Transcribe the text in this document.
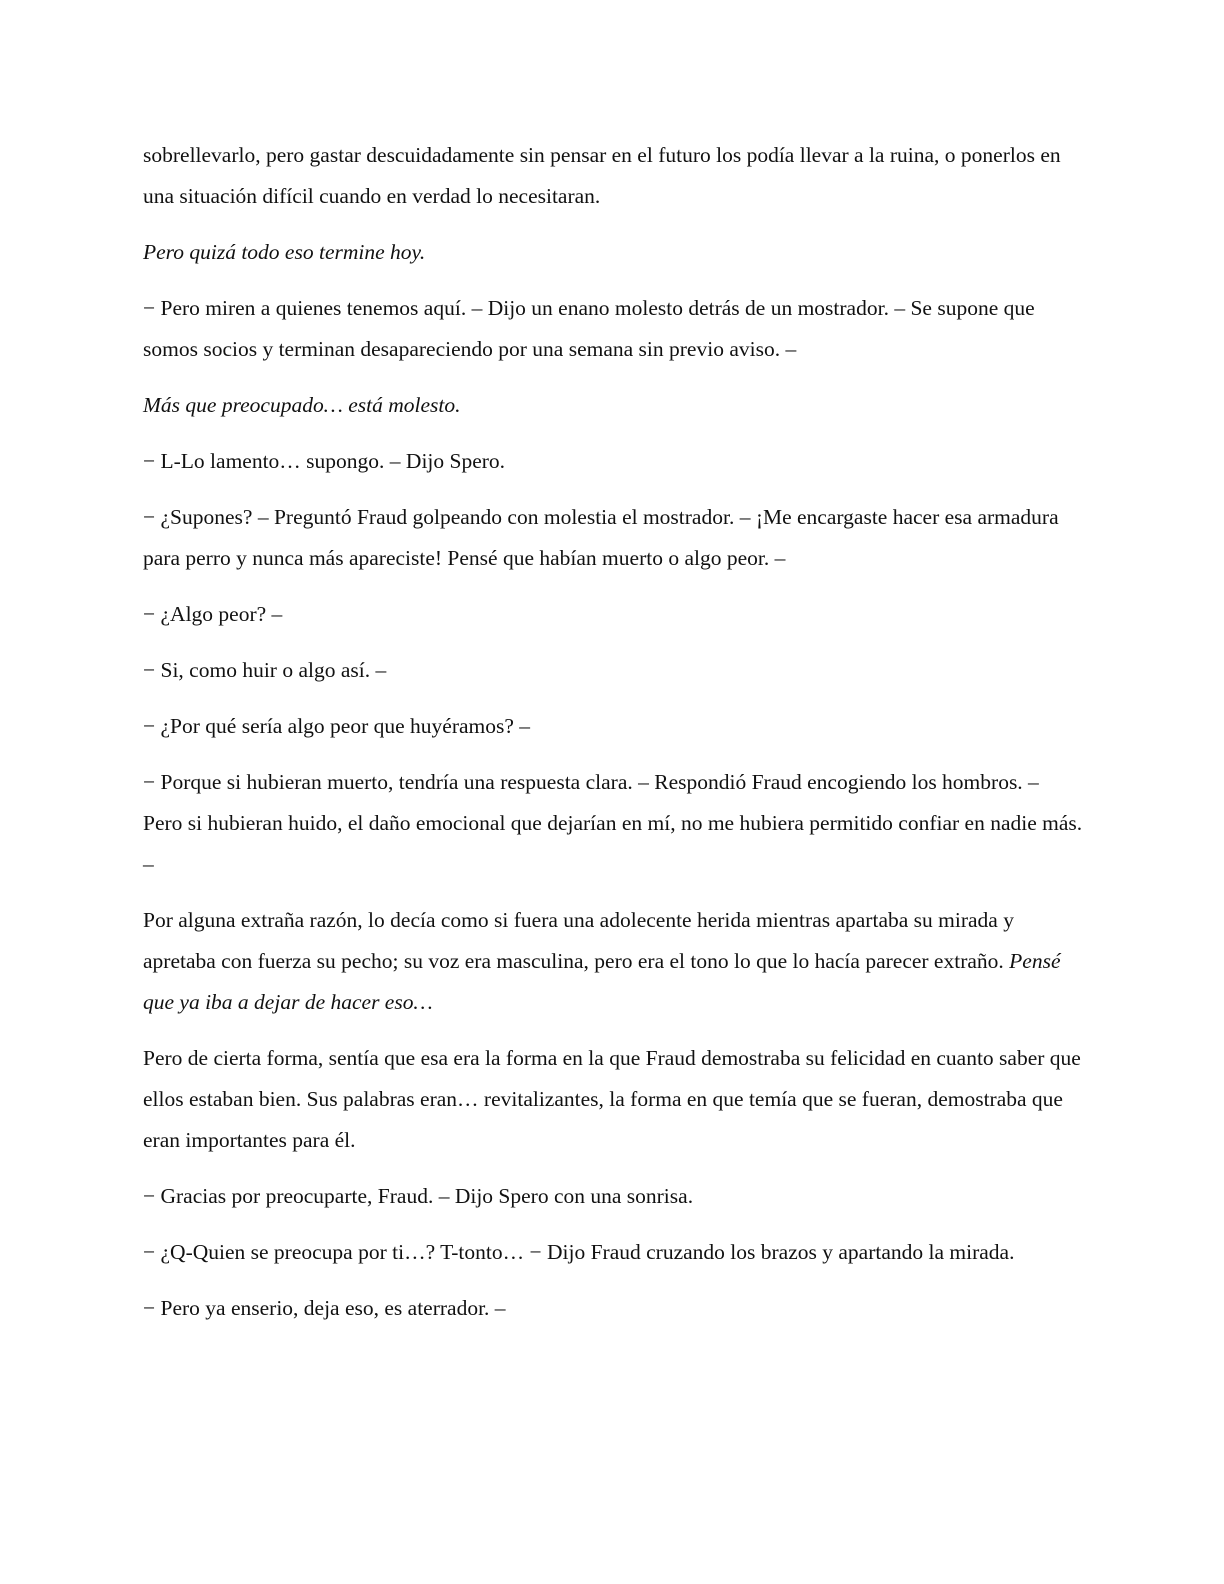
sobrellevarlo, pero gastar descuidadamente sin pensar en el futuro los podía llevar a la ruina, o ponerlos en una situación difícil cuando en verdad lo necesitaran.

Pero quizá todo eso termine hoy.

− Pero miren a quienes tenemos aquí. – Dijo un enano molesto detrás de un mostrador. – Se supone que somos socios y terminan desapareciendo por una semana sin previo aviso. –

Más que preocupado… está molesto.

− L-Lo lamento… supongo. – Dijo Spero.

− ¿Supones? – Preguntó Fraud golpeando con molestia el mostrador. – ¡Me encargaste hacer esa armadura para perro y nunca más apareciste! Pensé que habían muerto o algo peor. –

− ¿Algo peor? –

− Si, como huir o algo así. –

− ¿Por qué sería algo peor que huyéramos? –

− Porque si hubieran muerto, tendría una respuesta clara. – Respondió Fraud encogiendo los hombros. – Pero si hubieran huido, el daño emocional que dejarían en mí, no me hubiera permitido confiar en nadie más. –

Por alguna extraña razón, lo decía como si fuera una adolecente herida mientras apartaba su mirada y apretaba con fuerza su pecho; su voz era masculina, pero era el tono lo que lo hacía parecer extraño. Pensé que ya iba a dejar de hacer eso…

Pero de cierta forma, sentía que esa era la forma en la que Fraud demostraba su felicidad en cuanto saber que ellos estaban bien. Sus palabras eran… revitalizantes, la forma en que temía que se fueran, demostraba que eran importantes para él.

− Gracias por preocuparte, Fraud. – Dijo Spero con una sonrisa.

− ¿Q-Quien se preocupa por ti…? T-tonto… − Dijo Fraud cruzando los brazos y apartando la mirada.

− Pero ya enserio, deja eso, es aterrador. –
